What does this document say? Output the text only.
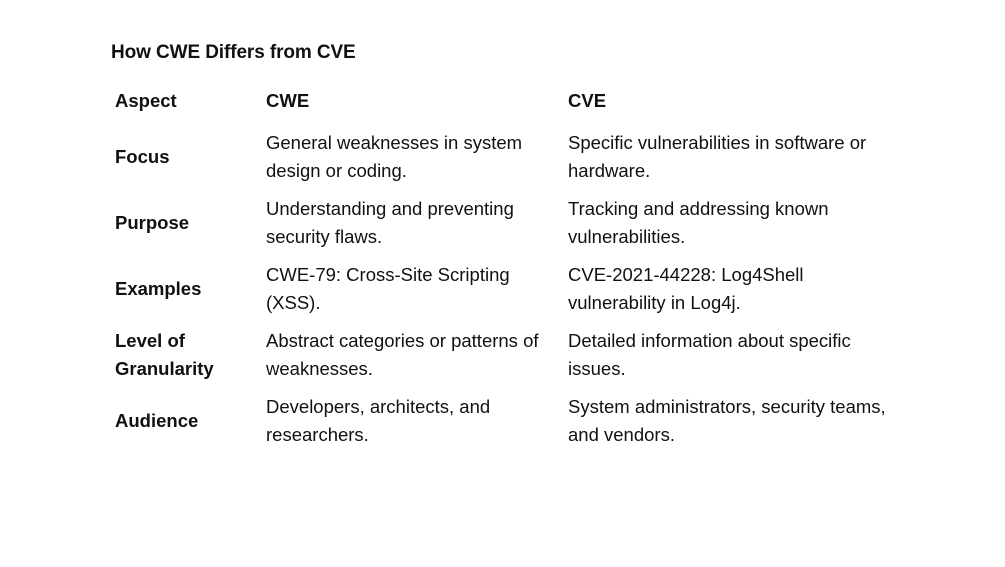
How CWE Differs from CVE
Aspect	CWE	CVE
Focus	General weaknesses in system design or coding.	Specific vulnerabilities in software or hardware.
Purpose	Understanding and preventing security flaws.	Tracking and addressing known vulnerabilities.
Examples	CWE-79: Cross-Site Scripting (XSS).	CVE-2021-44228: Log4Shell vulnerability in Log4j.
Level of Granularity	Abstract categories or patterns of weaknesses.	Detailed information about specific issues.
Audience	Developers, architects, and researchers.	System administrators, security teams, and vendors.
